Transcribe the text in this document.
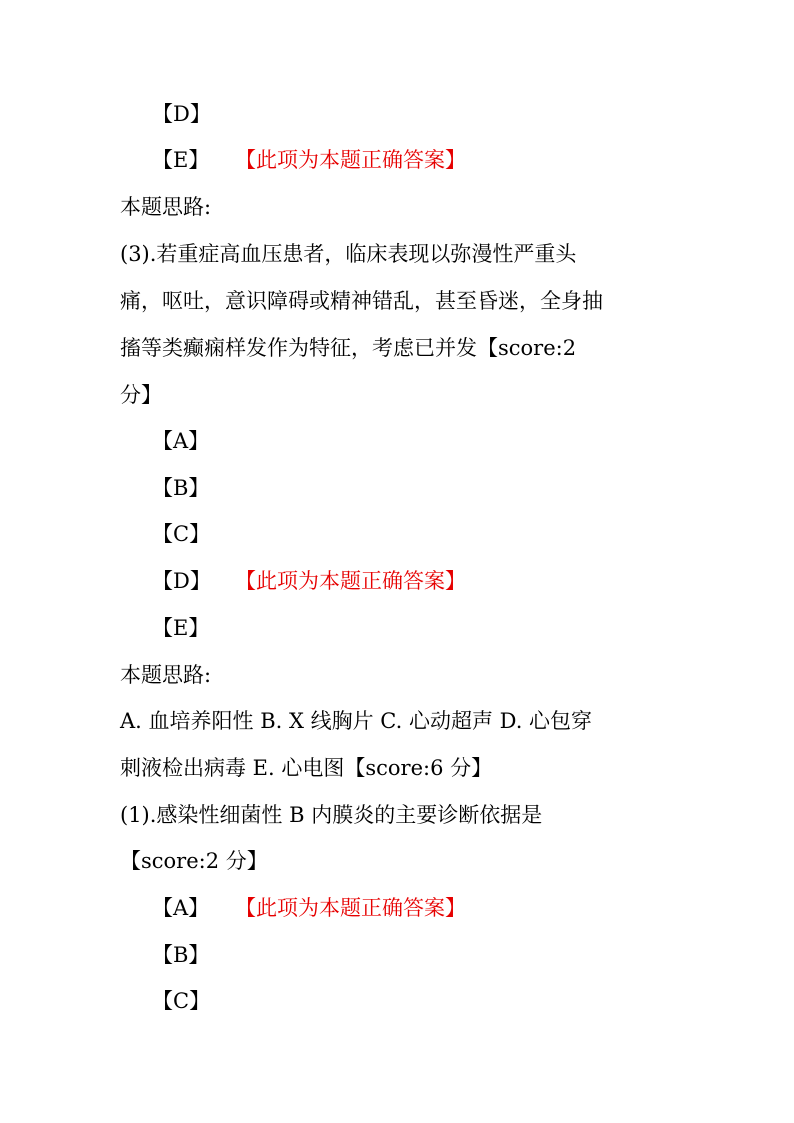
【D】
【E】 【此项为本题正确答案】
本题思路:
(3).若重症高血压患者，临床表现以弥漫性严重头
痛，呕吐，意识障碍或精神错乱，甚至昏迷，全身抽
搐等类癫痫样发作为特征，考虑已并发【score:2
分】
【A】
【B】
【C】
【D】 【此项为本题正确答案】
【E】
本题思路:
A. 血培养阳性 B. X 线胸片 C. 心动超声 D. 心包穿
刺液检出病毒 E. 心电图【score:6 分】
(1).感染性细菌性 B 内膜炎的主要诊断依据是
【score:2 分】
【A】 【此项为本题正确答案】
【B】
【C】
